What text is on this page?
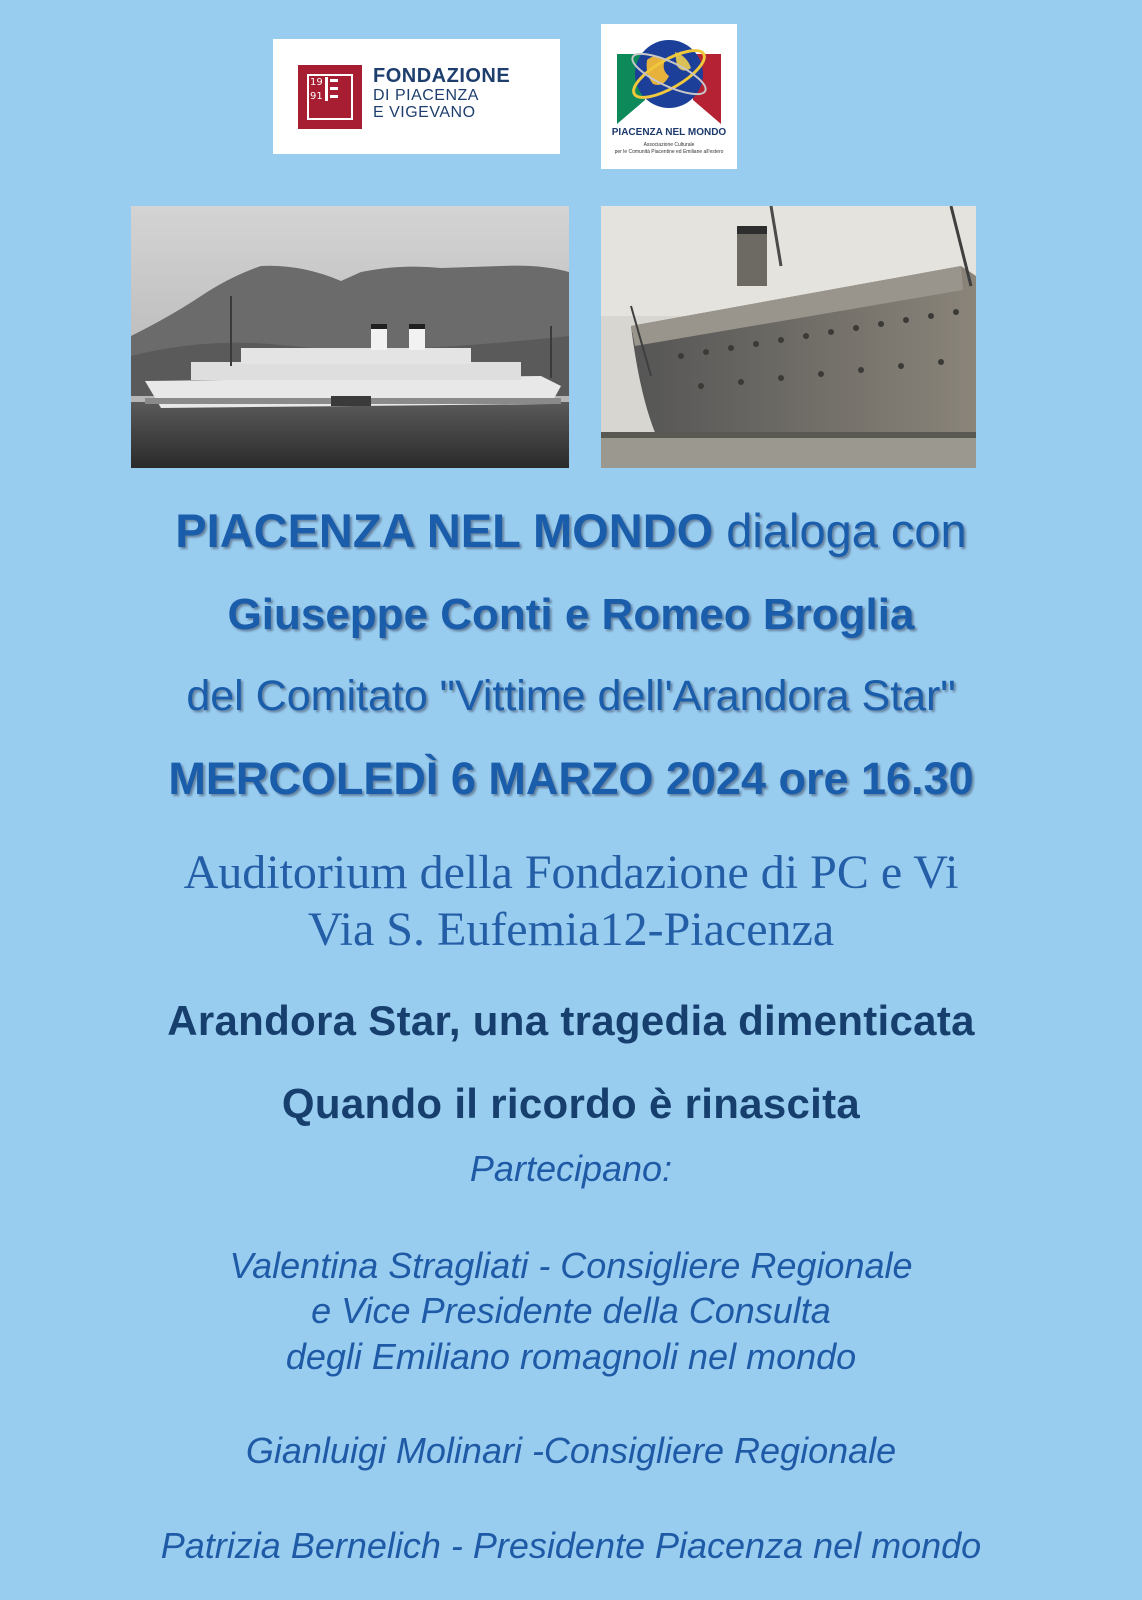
19
91
FONDAZIONE
DI PIACENZA
E VIGEVANO
PIACENZA NEL MONDO
Associazione Culturale
per le Comunità Piacentine ed Emiliane all'estero
PIACENZA NEL MONDO dialoga con
Giuseppe Conti e Romeo Broglia
del Comitato "Vittime dell'Arandora Star"
MERCOLEDÌ 6 MARZO 2024 ore 16.30
Auditorium della Fondazione di PC e Vi
Via S. Eufemia12-Piacenza
Arandora Star, una tragedia dimenticata
Quando il ricordo è rinascita
Partecipano:
Valentina Stragliati - Consigliere Regionale
e Vice Presidente della Consulta
degli Emiliano romagnoli nel mondo
Gianluigi Molinari -Consigliere Regionale
Patrizia Bernelich - Presidente Piacenza nel mondo
